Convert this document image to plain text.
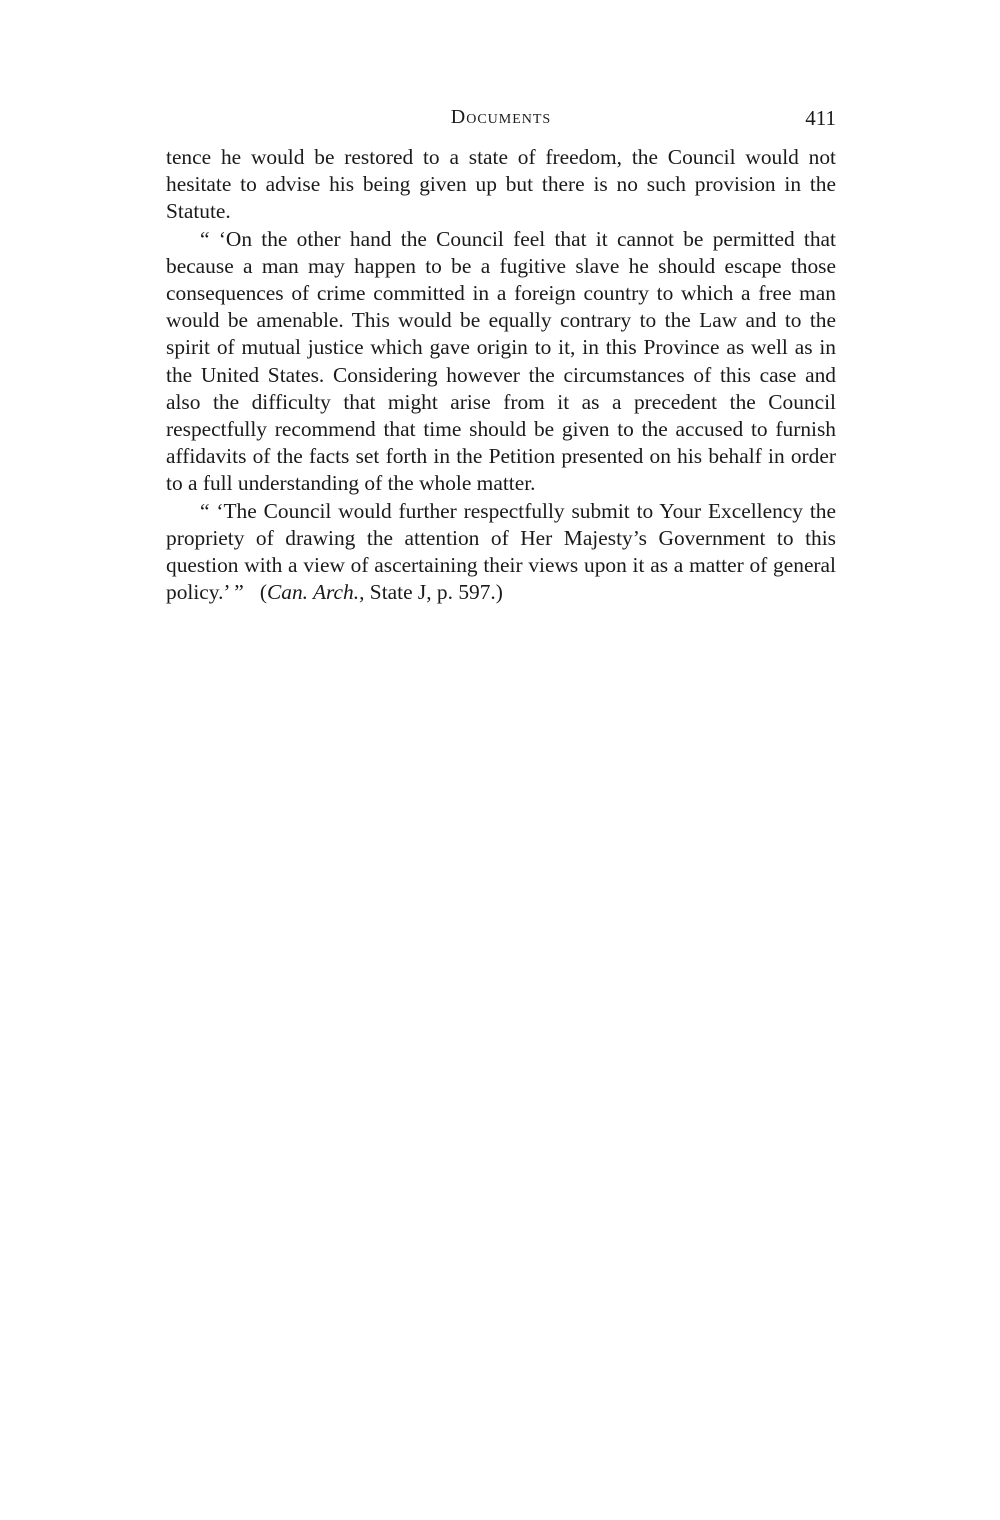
Documents	411

tence he would be restored to a state of freedom, the Council would not hesitate to advise his being given up but there is no such provision in the Statute.

“ ‘On the other hand the Council feel that it cannot be permitted that because a man may happen to be a fugitive slave he should escape those consequences of crime committed in a foreign country to which a free man would be amenable. This would be equally contrary to the Law and to the spirit of mutual justice which gave origin to it, in this Province as well as in the United States. Considering however the circumstances of this case and also the difficulty that might arise from it as a precedent the Council respectfully recommend that time should be given to the accused to furnish affidavits of the facts set forth in the Petition presented on his behalf in order to a full understanding of the whole matter.

“ ‘The Council would further respectfully submit to Your Excellency the propriety of drawing the attention of Her Majesty’s Government to this question with a view of ascertaining their views upon it as a matter of general policy.’ ” (Can. Arch., State J, p. 597.)
